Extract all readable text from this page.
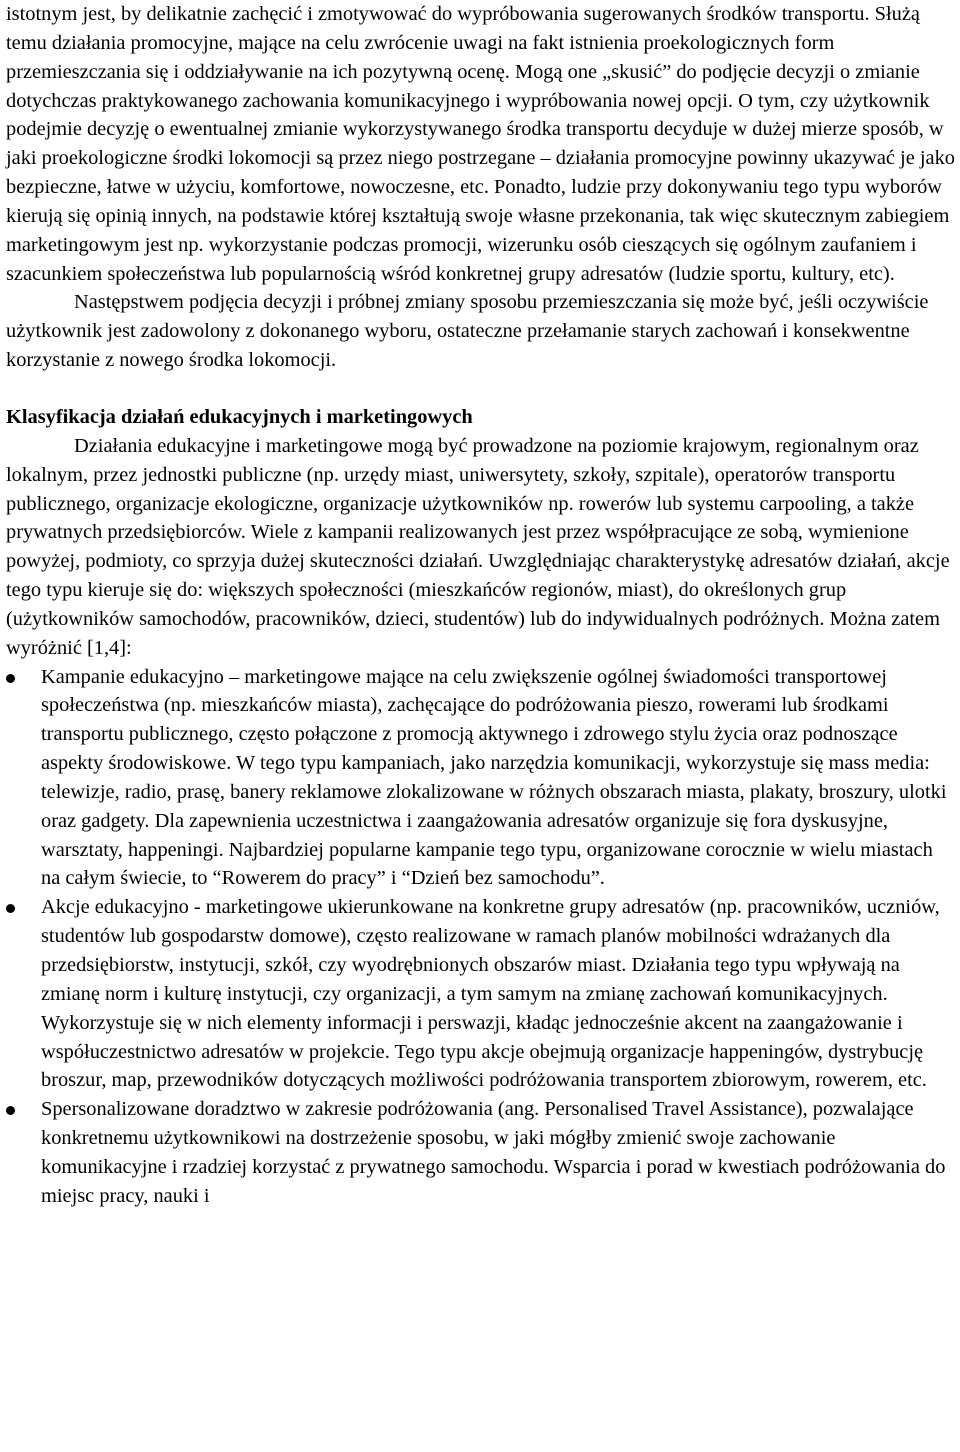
istotnym jest, by delikatnie zachęcić i zmotywować do wypróbowania sugerowanych środków transportu. Służą temu działania promocyjne, mające na celu zwrócenie uwagi na fakt istnienia proekologicznych form przemieszczania się i oddziaływanie na ich pozytywną ocenę. Mogą one „skusić” do podjęcie decyzji o zmianie dotychczas praktykowanego zachowania komunikacyjnego i wypróbowania nowej opcji. O tym, czy użytkownik podejmie decyzję o ewentualnej zmianie wykorzystywanego środka transportu decyduje w dużej mierze sposób, w jaki proekologiczne środki lokomocji są przez niego postrzegane – działania promocyjne powinny ukazywać je jako bezpieczne, łatwe w użyciu, komfortowe, nowoczesne, etc. Ponadto, ludzie przy dokonywaniu tego typu wyborów kierują się opinią innych, na podstawie której kształtują swoje własne przekonania, tak więc skutecznym zabiegiem marketingowym jest np. wykorzystanie podczas promocji, wizerunku osób cieszących się ogólnym zaufaniem i szacunkiem społeczeństwa lub popularnością wśród konkretnej grupy adresatów (ludzie sportu, kultury, etc).

Następstwem podjęcia decyzji i próbnej zmiany sposobu przemieszczania się może być, jeśli oczywiście użytkownik jest zadowolony z dokonanego wyboru, ostateczne przełamanie starych zachowań i konsekwentne korzystanie z nowego środka lokomocji.

Klasyfikacja działań edukacyjnych i marketingowych

Działania edukacyjne i marketingowe mogą być prowadzone na poziomie krajowym, regionalnym oraz lokalnym, przez jednostki publiczne (np. urzędy miast, uniwersytety, szkoły, szpitale), operatorów transportu publicznego, organizacje ekologiczne, organizacje użytkowników np. rowerów lub systemu carpooling, a także prywatnych przedsiębiorców. Wiele z kampanii realizowanych jest przez współpracujące ze sobą, wymienione powyżej, podmioty, co sprzyja dużej skuteczności działań. Uwzględniając charakterystykę adresatów działań, akcje tego typu kieruje się do: większych społeczności (mieszkańców regionów, miast), do określonych grup (użytkowników samochodów, pracowników, dzieci, studentów) lub do indywidualnych podróżnych. Można zatem wyróżnić [1,4]:

Kampanie edukacyjno – marketingowe mające na celu zwiększenie ogólnej świadomości transportowej społeczeństwa (np. mieszkańców miasta), zachęcające do podróżowania pieszo, rowerami lub środkami transportu publicznego, często połączone z promocją aktywnego i zdrowego stylu życia oraz podnoszące aspekty środowiskowe. W tego typu kampaniach, jako narzędzia komunikacji, wykorzystuje się mass media: telewizje, radio, prasę, banery reklamowe zlokalizowane w różnych obszarach miasta, plakaty, broszury, ulotki oraz gadgety. Dla zapewnienia uczestnictwa i zaangażowania adresatów organizuje się fora dyskusyjne, warsztaty, happeningi. Najbardziej popularne kampanie tego typu, organizowane corocznie w wielu miastach na całym świecie, to “Rowerem do pracy” i “Dzień bez samochodu”.
Akcje edukacyjno - marketingowe ukierunkowane na konkretne grupy adresatów (np. pracowników, uczniów, studentów lub gospodarstw domowe), często realizowane w ramach planów mobilności wdrażanych dla przedsiębiorstw, instytucji, szkół, czy wyodrębnionych obszarów miast. Działania tego typu wpływają na zmianę norm i kulturę instytucji, czy organizacji, a tym samym na zmianę zachowań komunikacyjnych. Wykorzystuje się w nich elementy informacji i perswazji, kładąc jednocześnie akcent na zaangażowanie i współuczestnictwo adresatów w projekcie. Tego typu akcje obejmują organizacje happeningów, dystrybucję broszur, map, przewodników dotyczących możliwości podróżowania transportem zbiorowym, rowerem, etc.
Spersonalizowane doradztwo w zakresie podróżowania (ang. Personalised Travel Assistance), pozwalające konkretnemu użytkownikowi na dostrzeżenie sposobu, w jaki mógłby zmienić swoje zachowanie komunikacyjne i rzadziej korzystać z prywatnego samochodu. Wsparcia i porad w kwestiach podróżowania do miejsc pracy, nauki i
